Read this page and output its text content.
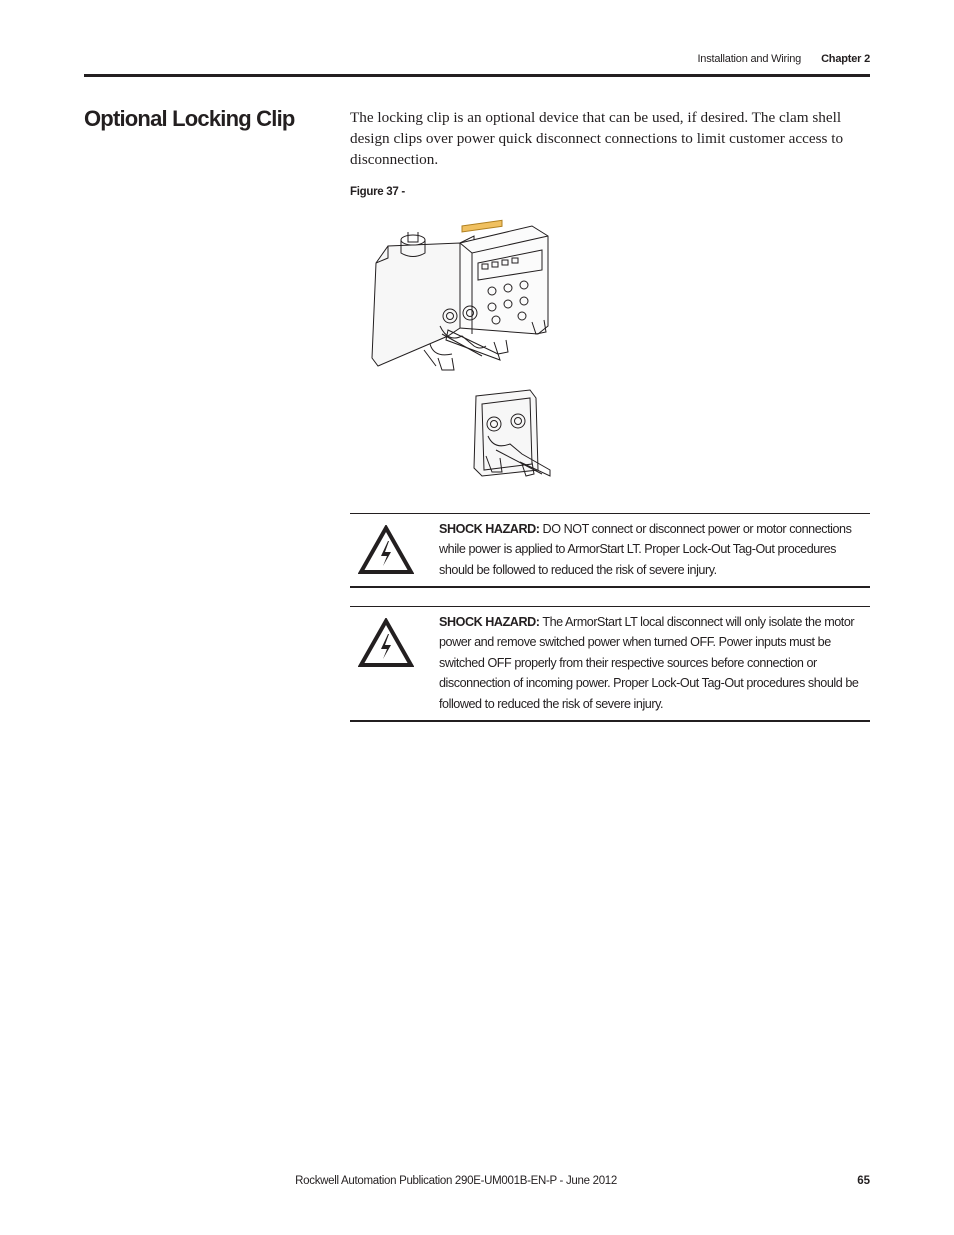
Installation and Wiring Chapter 2
Optional Locking Clip	The locking clip is an optional device that can be used, if desired. The clam shell design clips over power quick disconnect connections to limit customer access to disconnection.

Figure 37 -
SHOCK HAZARD: DO NOT connect or disconnect power or motor connections while power is applied to ArmorStart LT. Proper Lock-Out Tag-Out procedures should be followed to reduced the risk of severe injury.
SHOCK HAZARD: The ArmorStart LT local disconnect will only isolate the motor power and remove switched power when turned OFF. Power inputs must be switched OFF properly from their respective sources before connection or disconnection of incoming power. Proper Lock-Out Tag-Out procedures should be followed to reduced the risk of severe injury.
Rockwell Automation Publication 290E-UM001B-EN-P - June 2012	65
